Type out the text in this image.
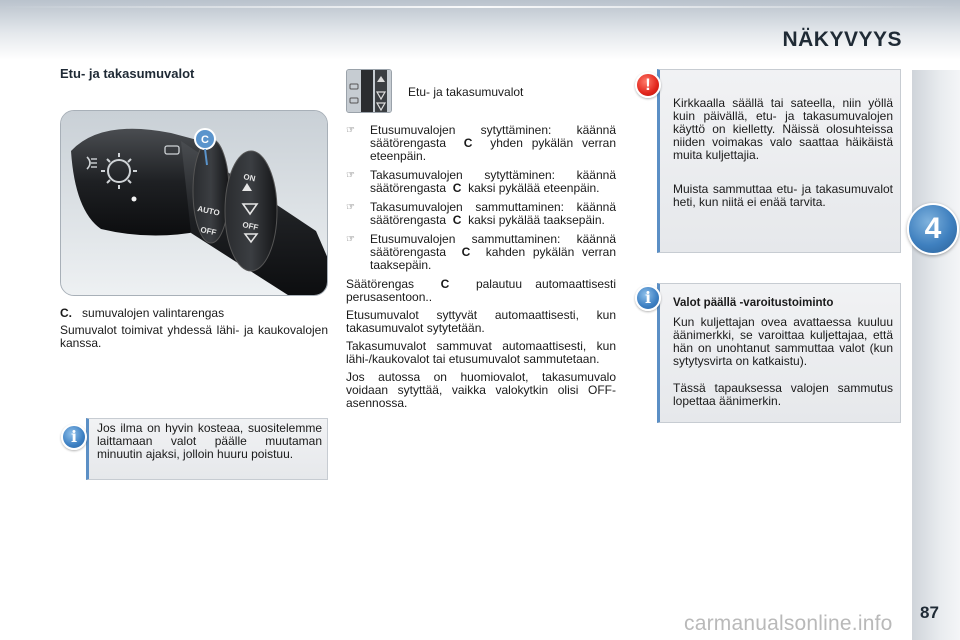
NÄKYVYYS
4
87
carmanualsonline.info
Etu- ja takasumuvalot
AUTO
OFF
ON
OFF
C
C. sumuvalojen valintarengas
Sumuvalot toimivat yhdessä lähi- ja kaukovalojen kanssa.
Jos ilma on hyvin kosteaa, suositelemme laittamaan valot päälle muutaman minuutin ajaksi, jolloin huuru poistuu.
i
Etu- ja takasumuvalot
☞ Etusumuvalojen sytyttäminen: käännä säätörengasta C yhden pykälän verran eteenpäin.
☞ Takasumuvalojen sytyttäminen: käännä säätörengasta C kaksi pykälää eteenpäin.
☞ Takasumuvalojen sammuttaminen: käännä säätörengasta C kaksi pykälää taaksepäin.
☞ Etusumuvalojen sammuttaminen: käännä säätörengasta C kahden pykälän verran taaksepäin.
Säätörengas C palautuu automaattisesti perusasentoon..
Etusumuvalot syttyvät automaattisesti, kun takasumuvalot sytytetään.
Takasumuvalot sammuvat automaattisesti, kun lähi-/kaukovalot tai etusumuvalot sammutetaan.
Jos autossa on huomiovalot, takasumuvalo voidaan sytyttää, vaikka valokytkin olisi OFF-asennossa.
Kirkkaalla säällä tai sateella, niin yöllä kuin päivällä, etu- ja takasumuvalojen käyttö on kielletty. Näissä olosuhteissa niiden voimakas valo saattaa häikäistä muita kuljettajia.
Muista sammuttaa etu- ja takasumuvalot heti, kun niitä ei enää tarvita.
!
Valot päällä -varoitustoiminto
Kun kuljettajan ovea avattaessa kuuluu äänimerkki, se varoittaa kuljettajaa, että hän on unohtanut sammuttaa valot (kun sytytysvirta on katkaistu).
Tässä tapauksessa valojen sammutus lopettaa äänimerkin.
i
